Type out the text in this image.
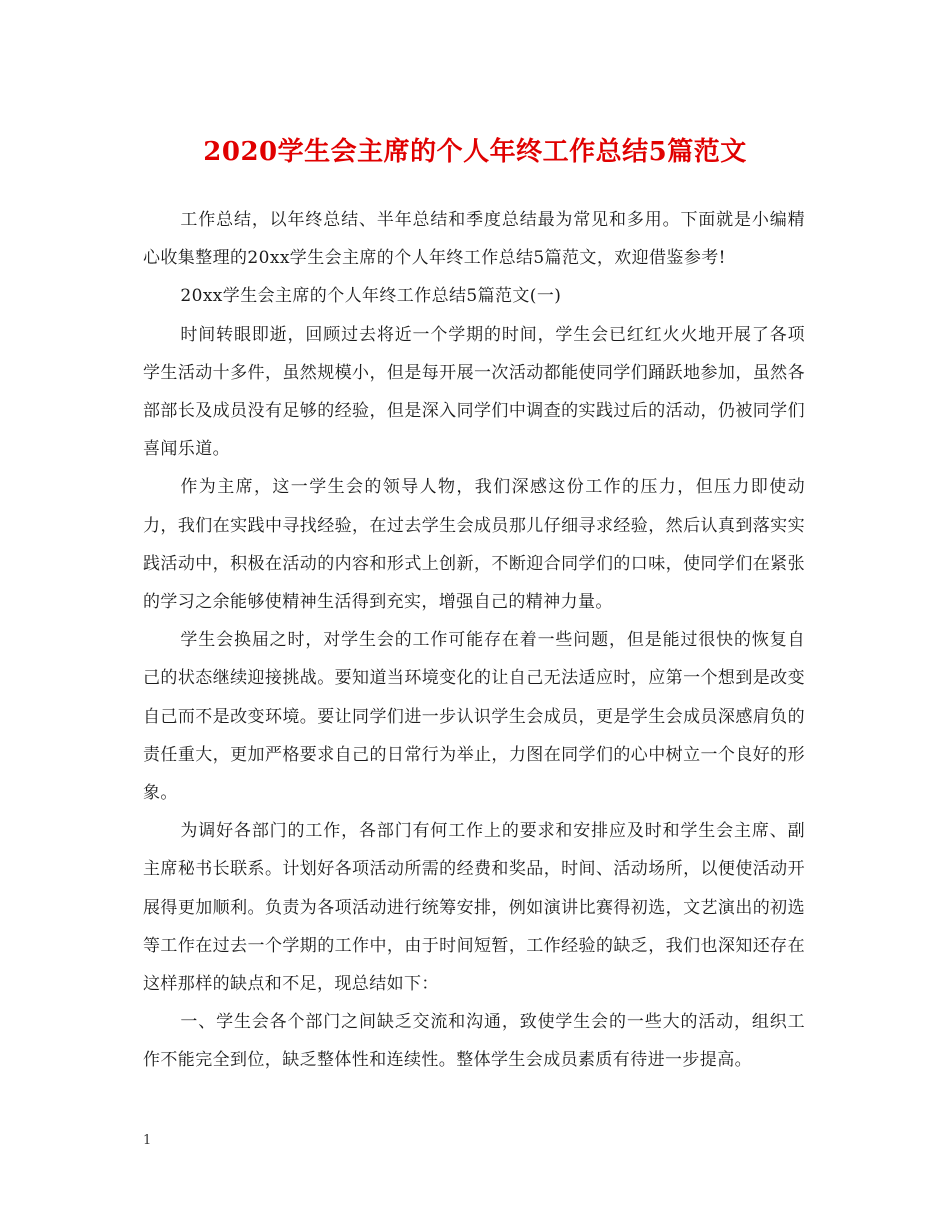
2020学生会主席的个人年终工作总结5篇范文

工作总结，以年终总结、半年总结和季度总结最为常见和多用。下面就是小编精心收集整理的20xx学生会主席的个人年终工作总结5篇范文，欢迎借鉴参考!

20xx学生会主席的个人年终工作总结5篇范文(一)

时间转眼即逝，回顾过去将近一个学期的时间，学生会已红红火火地开展了各项学生活动十多件，虽然规模小，但是每开展一次活动都能使同学们踊跃地参加，虽然各部部长及成员没有足够的经验，但是深入同学们中调查的实践过后的活动，仍被同学们喜闻乐道。

作为主席，这一学生会的领导人物，我们深感这份工作的压力，但压力即使动力，我们在实践中寻找经验，在过去学生会成员那儿仔细寻求经验，然后认真到落实实践活动中，积极在活动的内容和形式上创新，不断迎合同学们的口味，使同学们在紧张的学习之余能够使精神生活得到充实，增强自己的精神力量。

学生会换届之时，对学生会的工作可能存在着一些问题，但是能过很快的恢复自己的状态继续迎接挑战。要知道当环境变化的让自己无法适应时，应第一个想到是改变自己而不是改变环境。要让同学们进一步认识学生会成员，更是学生会成员深感肩负的责任重大，更加严格要求自己的日常行为举止，力图在同学们的心中树立一个良好的形象。

为调好各部门的工作，各部门有何工作上的要求和安排应及时和学生会主席、副主席秘书长联系。计划好各项活动所需的经费和奖品，时间、活动场所，以便使活动开展得更加顺利。负责为各项活动进行统筹安排，例如演讲比赛得初选，文艺演出的初选等工作在过去一个学期的工作中，由于时间短暂，工作经验的缺乏，我们也深知还存在这样那样的缺点和不足，现总结如下：

一、学生会各个部门之间缺乏交流和沟通，致使学生会的一些大的活动，组织工作不能完全到位，缺乏整体性和连续性。整体学生会成员素质有待进一步提高。

1
